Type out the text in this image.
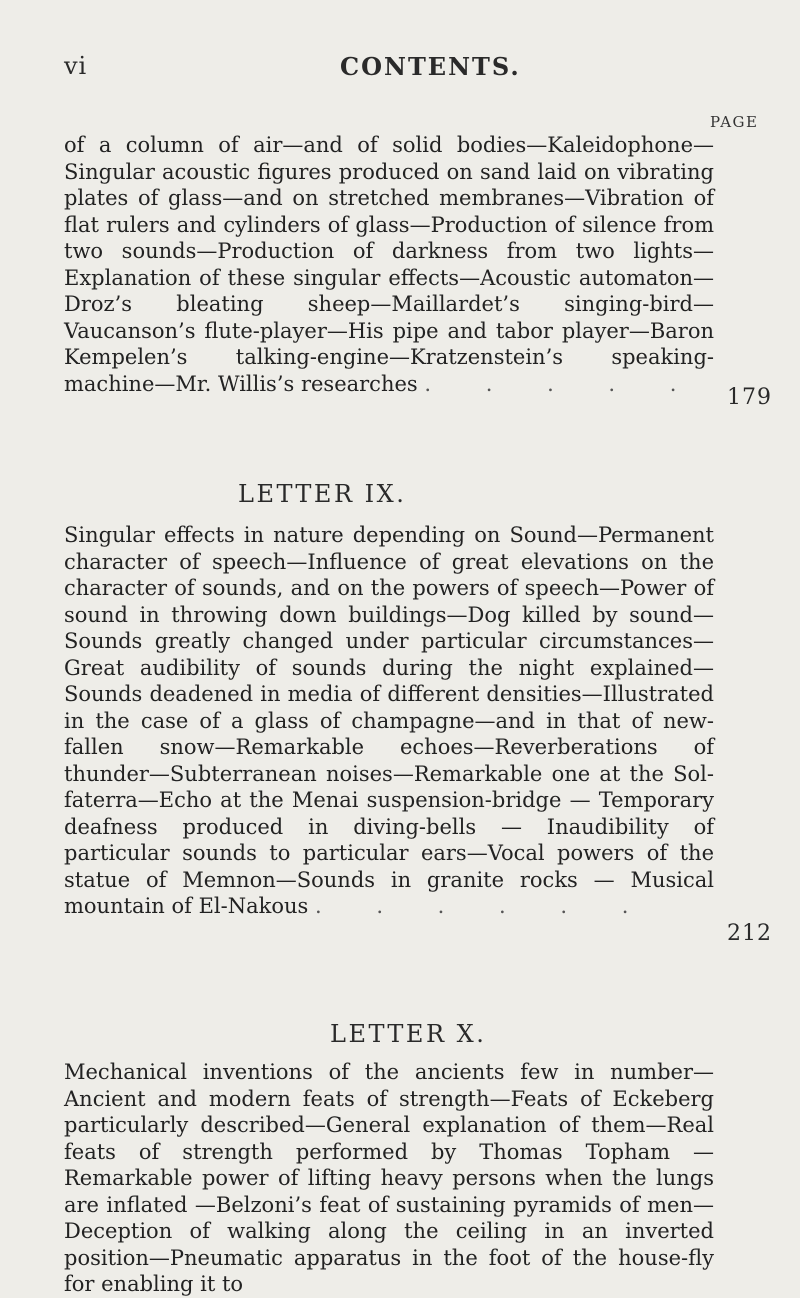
vi	CONTENTS.
PAGE
of a column of air—and of solid bodies—Kaleidophone—Singular acoustic figures produced on sand laid on vibrating plates of glass—and on stretched membranes—Vibration of flat rulers and cylinders of glass—Production of silence from two sounds—Production of darkness from two lights—Explanation of these singular effects—Acoustic automaton—Droz’s bleating sheep—Maillardet’s singing-bird—Vaucanson’s flute-player—His pipe and tabor player—Baron Kempelen’s talking-engine—Kratzenstein’s speaking-machine—Mr. Willis’s researches . . . . .
179
LETTER IX.
Singular effects in nature depending on Sound—Permanent character of speech—Influence of great elevations on the character of sounds, and on the powers of speech—Power of sound in throwing down buildings—Dog killed by sound—Sounds greatly changed under particular circumstances—Great audibility of sounds during the night explained—Sounds deadened in media of different densities—Illustrated in the case of a glass of champagne—and in that of new-fallen snow—Remarkable echoes—Reverberations of thunder—Subterranean noises—Remarkable one at the Sol-faterra—Echo at the Menai suspension-bridge — Temporary deafness produced in diving-bells — Inaudibility of particular sounds to particular ears—Vocal powers of the statue of Memnon—Sounds in granite rocks — Musical mountain of El-Nakous . . . . . .
212
LETTER X.
Mechanical inventions of the ancients few in number—Ancient and modern feats of strength—Feats of Eckeberg particularly described—General explanation of them—Real feats of strength performed by Thomas Topham — Remarkable power of lifting heavy persons when the lungs are inflated —Belzoni’s feat of sustaining pyramids of men—Deception of walking along the ceiling in an inverted position—Pneumatic apparatus in the foot of the house-fly for enabling it to
